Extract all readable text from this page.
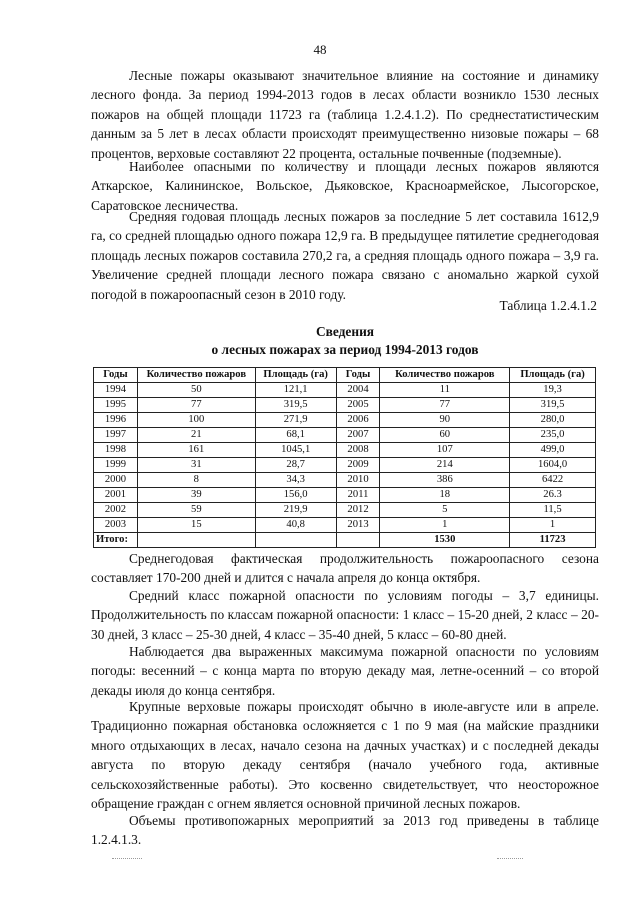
48

Лесные пожары оказывают значительное влияние на состояние и динамику лесного фонда. За период 1994-2013 годов в лесах области возникло 1530 лесных пожаров на общей площади 11723 га (таблица 1.2.4.1.2). По среднестатистическим данным за 5 лет в лесах области происходят преимущественно низовые пожары – 68 процентов, верховые составляют 22 процента, остальные почвенные (подземные).

Наиболее опасными по количеству и площади лесных пожаров являются Аткарское, Калининское, Вольское, Дьяковское, Красноармейское, Лысогорское, Саратовское лесничества.

Средняя годовая площадь лесных пожаров за последние 5 лет составила 1612,9 га, со средней площадью одного пожара 12,9 га. В предыдущее пятилетие среднегодовая площадь лесных пожаров составила 270,2 га, а средняя площадь одного пожара – 3,9 га. Увеличение средней площади лесного пожара связано с аномально жаркой сухой погодой в пожароопасный сезон в 2010 году.

Таблица 1.2.4.1.2
Сведения
о лесных пожарах за период 1994-2013 годов
Годы	Количество пожаров	Площадь (га)	Годы	Количество пожаров	Площадь (га)
1994	50	121,1	2004	11	19,3
1995	77	319,5	2005	77	319,5
1996	100	271,9	2006	90	280,0
1997	21	68,1	2007	60	235,0
1998	161	1045,1	2008	107	499,0
1999	31	28,7	2009	214	1604,0
2000	8	34,3	2010	386	6422
2001	39	156,0	2011	18	26.3
2002	59	219,9	2012	5	11,5
2003	15	40,8	2013	1	1
Итого:				1530	11723

Среднегодовая фактическая продолжительность пожароопасного сезона составляет 170-200 дней и длится с начала апреля до конца октября.

Средний класс пожарной опасности по условиям погоды – 3,7 единицы. Продолжительность по классам пожарной опасности: 1 класс – 15-20 дней, 2 класс – 20-30 дней, 3 класс – 25-30 дней, 4 класс – 35-40 дней, 5 класс – 60-80 дней.

Наблюдается два выраженных максимума пожарной опасности по условиям погоды: весенний – с конца марта по вторую декаду мая, летне-осенний – со второй декады июля до конца сентября.

Крупные верховые пожары происходят обычно в июле-августе или в апреле. Традиционно пожарная обстановка осложняется с 1 по 9 мая (на майские праздники много отдыхающих в лесах, начало сезона на дачных участках) и с последней декады августа по вторую декаду сентября (начало учебного года, активные сельскохозяйственные работы). Это косвенно свидетельствует, что неосторожное обращение граждан с огнем является основной причиной лесных пожаров.

Объемы противопожарных мероприятий за 2013 год приведены в таблице 1.2.4.1.3.
